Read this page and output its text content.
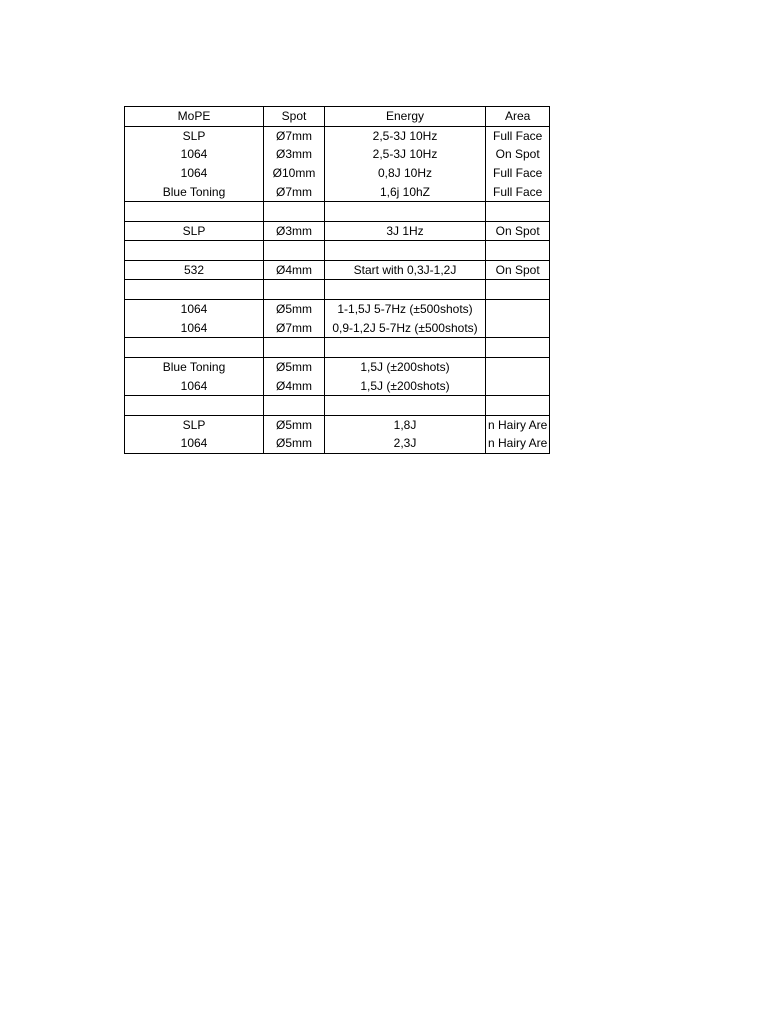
MoPE	Spot	Energy	Area
SLP	Ø7mm	2,5-3J 10Hz	Full Face
1064	Ø3mm	2,5-3J 10Hz	On Spot
1064	Ø10mm	0,8J 10Hz	Full Face
Blue Toning	Ø7mm	1,6j 10hZ	Full Face

SLP	Ø3mm	3J 1Hz	On Spot

532	Ø4mm	Start with 0,3J-1,2J	On Spot

1064	Ø5mm	1-1,5J 5-7Hz (±500shots)	
1064	Ø7mm	0,9-1,2J 5-7Hz (±500shots)	

Blue Toning	Ø5mm	1,5J (±200shots)	
1064	Ø4mm	1,5J (±200shots)	

SLP	Ø5mm	1,8J	n Hairy Are
1064	Ø5mm	2,3J	n Hairy Are
